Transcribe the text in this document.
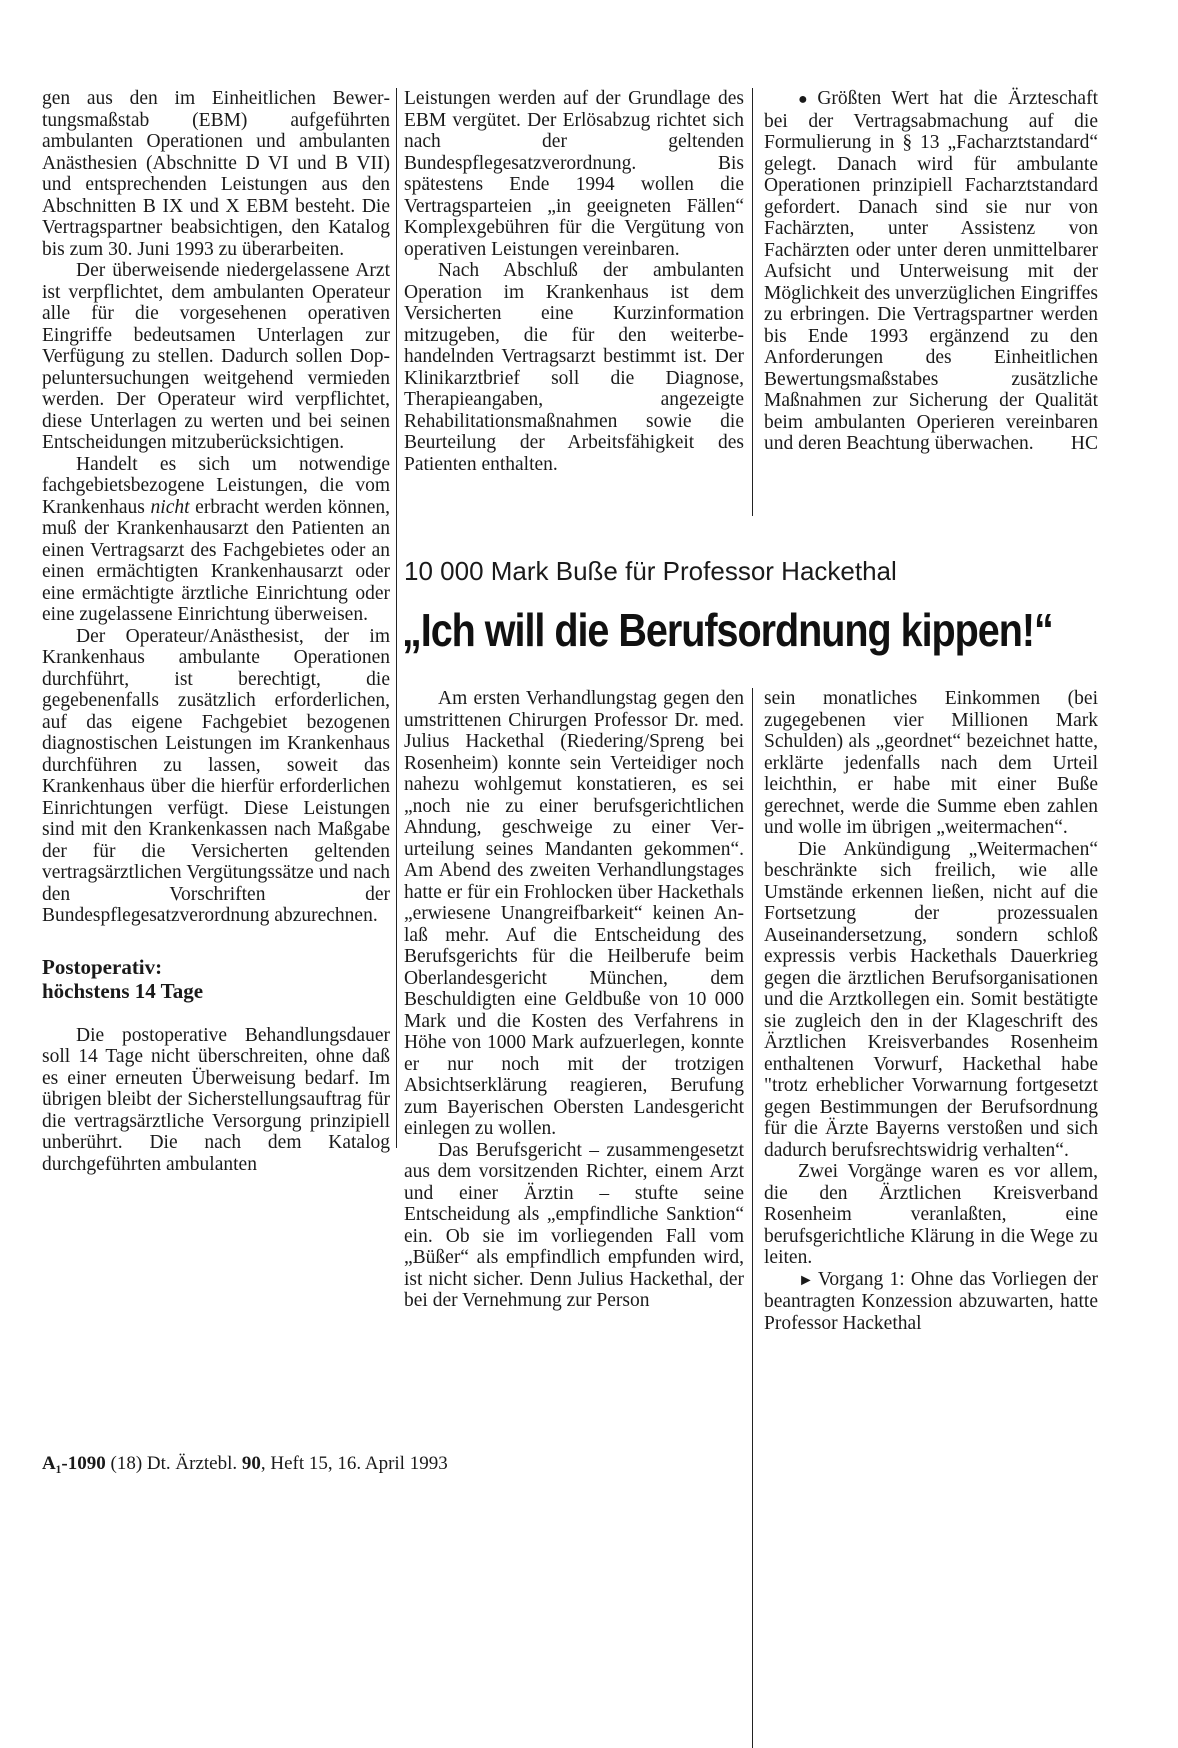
gen aus den im Einheitlichen Bewertungsmaßstab (EBM) aufgeführten ambulanten Operationen und ambulanten Anästhesien (Abschnitte D VI und B VII) und entsprechenden Leistungen aus den Abschnitten B IX und X EBM besteht. Die Vertragspartner beabsichtigen, den Katalog bis zum 30. Juni 1993 zu überarbeiten.

Der überweisende niedergelassene Arzt ist verpflichtet, dem ambulanten Operateur alle für die vorgesehenen operativen Eingriffe bedeutsamen Unterlagen zur Verfügung zu stellen. Dadurch sollen Doppeluntersuchungen weitgehend vermieden werden. Der Operateur wird verpflichtet, diese Unterlagen zu werten und bei seinen Entscheidungen mitzuberücksichtigen.

Handelt es sich um notwendige fachgebietsbezogene Leistungen, die vom Krankenhaus nicht erbracht werden können, muß der Krankenhausarzt den Patienten an einen Vertragsarzt des Fachgebietes oder an einen ermächtigten Krankenhausarzt oder eine ermächtigte ärztliche Einrichtung oder eine zugelassene Einrichtung überweisen.

Der Operateur/Anästhesist, der im Krankenhaus ambulante Operationen durchführt, ist berechtigt, die gegebenenfalls zusätzlich erforderlichen, auf das eigene Fachgebiet bezogenen diagnostischen Leistungen im Krankenhaus durchführen zu lassen, soweit das Krankenhaus über die hierfür erforderlichen Einrichtungen verfügt. Diese Leistungen sind mit den Krankenkassen nach Maßgabe der für die Versicherten geltenden vertragsärztlichen Vergütungssätze und nach den Vorschriften der Bundespflegesatzverordnung abzurechnen.

Postoperativ:
höchstens 14 Tage

Die postoperative Behandlungsdauer soll 14 Tage nicht überschreiten, ohne daß es einer erneuten Überweisung bedarf. Im übrigen bleibt der Sicherstellungsauftrag für die vertragsärztliche Versorgung prinzipiell unberührt. Die nach dem Katalog durchgeführten ambulanten

Leistungen werden auf der Grundlage des EBM vergütet. Der Erlösabzug richtet sich nach der geltenden Bundespflegesatzverordnung. Bis spätestens Ende 1994 wollen die Vertragsparteien „in geeigneten Fällen“ Komplexgebühren für die Vergütung von operativen Leistungen vereinbaren.

Nach Abschluß der ambulanten Operation im Krankenhaus ist dem Versicherten eine Kurzinformation mitzugeben, die für den weiterbehandelnden Vertragsarzt bestimmt ist. Der Klinikarztbrief soll die Diagnose, Therapieangaben, angezeigte Rehabilitationsmaßnahmen sowie die Beurteilung der Arbeitsfähigkeit des Patienten enthalten.

● Größten Wert hat die Ärzteschaft bei der Vertragsabmachung auf die Formulierung in § 13 „Facharztstandard“ gelegt. Danach wird für ambulante Operationen prinzipiell Facharztstandard gefordert. Danach sind sie nur von Fachärzten, unter Assistenz von Fachärzten oder unter deren unmittelbarer Aufsicht und Unterweisung mit der Möglichkeit des unverzüglichen Eingriffes zu erbringen. Die Vertragspartner werden bis Ende 1993 ergänzend zu den Anforderungen des Einheitlichen Bewertungsmaßstabes zusätzliche Maßnahmen zur Sicherung der Qualität beim ambulanten Operieren vereinbaren und deren Beachtung überwachen.	HC

10 000 Mark Buße für Professor Hackethal
„Ich will die Berufsordnung kippen!“

Am ersten Verhandlungstag gegen den umstrittenen Chirurgen Professor Dr. med. Julius Hackethal (Riedering/Spreng bei Rosenheim) konnte sein Verteidiger noch nahezu wohlgemut konstatieren, es sei „noch nie zu einer berufsgerichtlichen Ahndung, geschweige zu einer Verurteilung seines Mandanten gekommen“. Am Abend des zweiten Verhandlungstages hatte er für ein Frohlocken über Hackethals „erwiesene Unangreifbarkeit“ keinen Anlaß mehr. Auf die Entscheidung des Berufsgerichts für die Heilberufe beim Oberlandesgericht München, dem Beschuldigten eine Geldbuße von 10 000 Mark und die Kosten des Verfahrens in Höhe von 1000 Mark aufzuerlegen, konnte er nur noch mit der trotzigen Absichtserklärung reagieren, Berufung zum Bayerischen Obersten Landesgericht einlegen zu wollen.

Das Berufsgericht – zusammengesetzt aus dem vorsitzenden Richter, einem Arzt und einer Ärztin – stufte seine Entscheidung als „empfindliche Sanktion“ ein. Ob sie im vorliegenden Fall vom „Büßer“ als empfindlich empfunden wird, ist nicht sicher. Denn Julius Hackethal, der bei der Vernehmung zur Person

sein monatliches Einkommen (bei zugegebenen vier Millionen Mark Schulden) als „geordnet“ bezeichnet hatte, erklärte jedenfalls nach dem Urteil leichthin, er habe mit einer Buße gerechnet, werde die Summe eben zahlen und wolle im übrigen „weitermachen“.

Die Ankündigung „Weitermachen“ beschränkte sich freilich, wie alle Umstände erkennen ließen, nicht auf die Fortsetzung der prozessualen Auseinandersetzung, sondern schloß expressis verbis Hackethals Dauerkrieg gegen die ärztlichen Berufsorganisationen und die Arztkollegen ein. Somit bestätigte sie zugleich den in der Klageschrift des Ärztlichen Kreisverbandes Rosenheim enthaltenen Vorwurf, Hackethal habe "trotz erheblicher Vorwarnung fortgesetzt gegen Bestimmungen der Berufsordnung für die Ärzte Bayerns verstoßen und sich dadurch berufsrechtswidrig verhalten“.

Zwei Vorgänge waren es vor allem, die den Ärztlichen Kreisverband Rosenheim veranlaßten, eine berufsgerichtliche Klärung in die Wege zu leiten.

► Vorgang 1: Ohne das Vorliegen der beantragten Konzession abzuwarten, hatte Professor Hackethal

A₁-1090 (18) Dt. Ärztebl. 90, Heft 15, 16. April 1993
